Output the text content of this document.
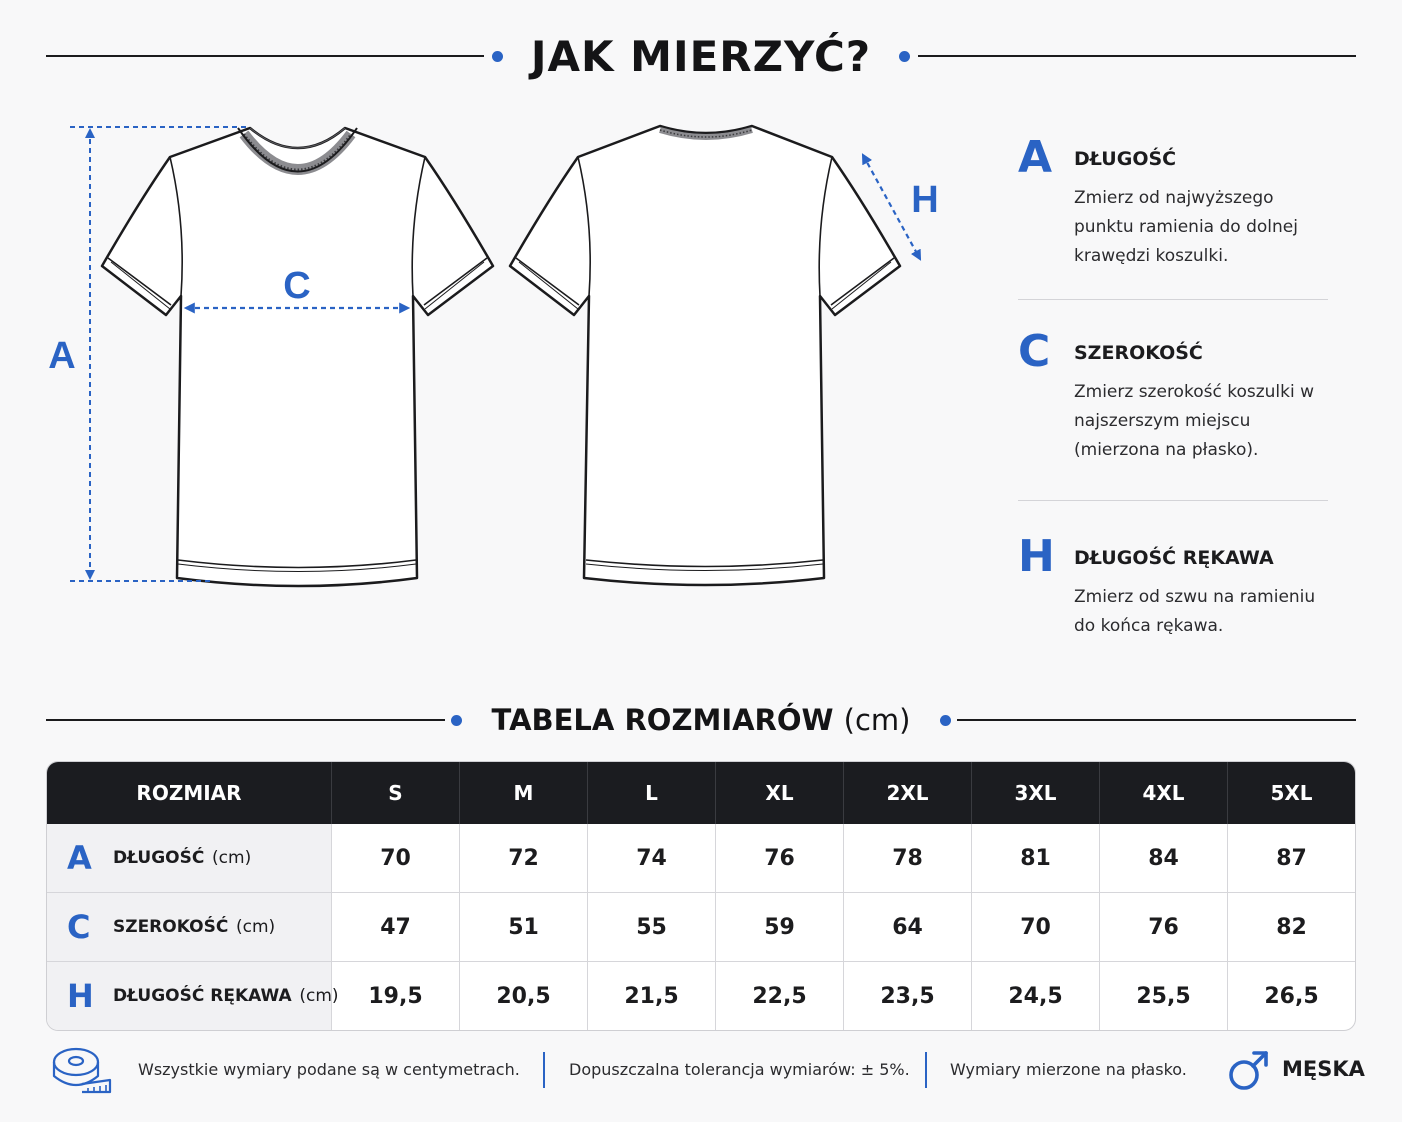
JAK MIERZYĆ?
A
C
H
A DŁUGOŚĆ
Zmierz od najwyższego punktu ramienia do dolnej krawędzi koszulki.
C SZEROKOŚĆ
Zmierz szerokość koszulki w najszerszym miejscu (mierzona na płasko).
H DŁUGOŚĆ RĘKAWA
Zmierz od szwu na ramieniu do końca rękawa.
TABELA ROZMIARÓW (cm)
ROZMIAR	S	M	L	XL	2XL	3XL	4XL	5XL
A DŁUGOŚĆ (cm)	70	72	74	76	78	81	84	87
C SZEROKOŚĆ (cm)	47	51	55	59	64	70	76	82
H DŁUGOŚĆ RĘKAWA (cm)	19,5	20,5	21,5	22,5	23,5	24,5	25,5	26,5
Wszystkie wymiary podane są w centymetrach.	Dopuszczalna tolerancja wymiarów: ± 5%.	Wymiary mierzone na płasko.	MĘSKA
